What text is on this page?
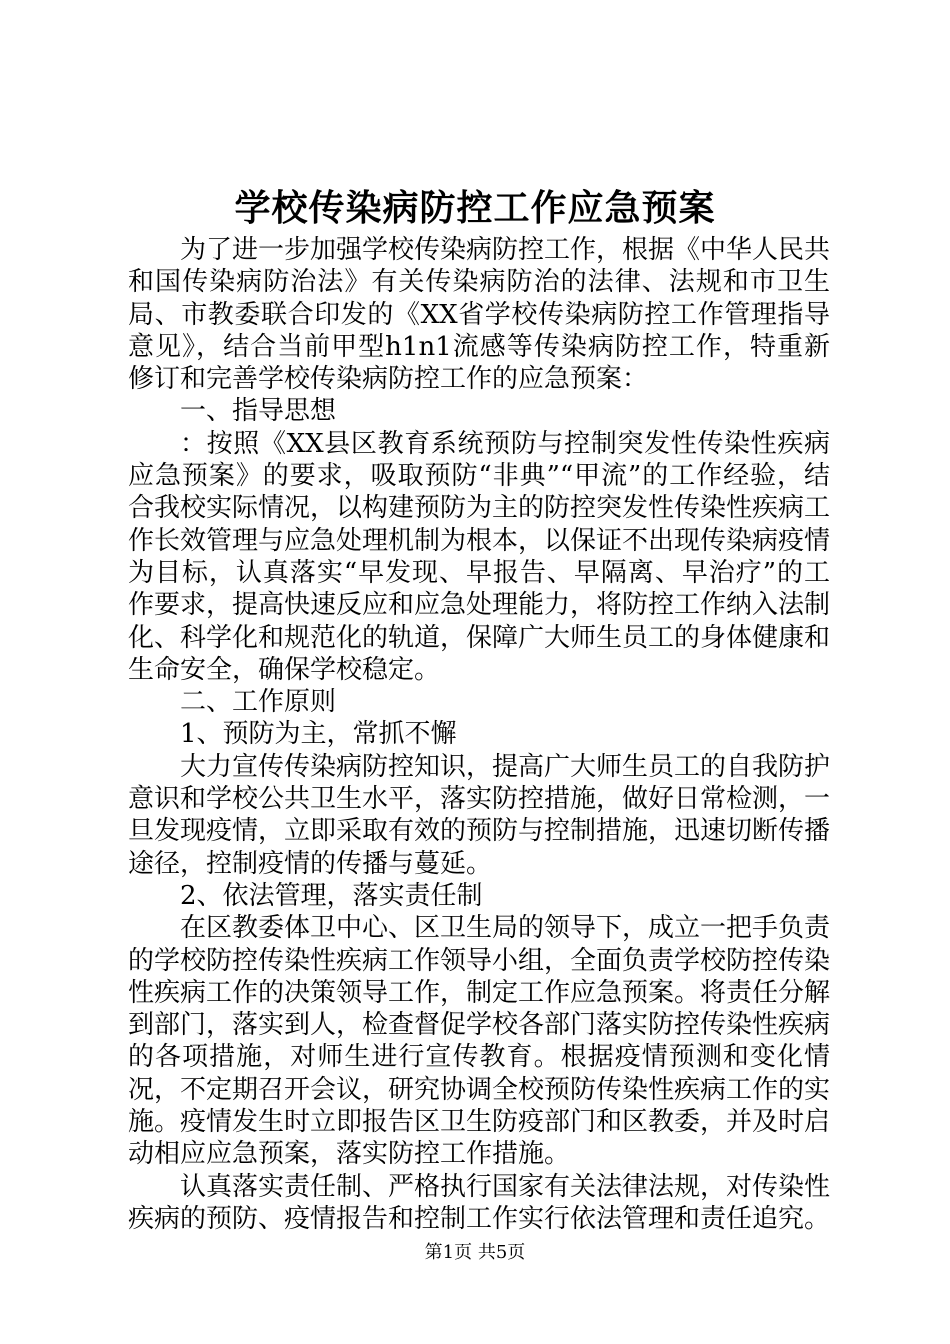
学校传染病防控工作应急预案

为了进一步加强学校传染病防控工作，根据《中华人民共和国传染病防治法》有关传染病防治的法律、法规和市卫生局、市教委联合印发的《XX省学校传染病防控工作管理指导意见》，结合当前甲型h1n1流感等传染病防控工作，特重新修订和完善学校传染病防控工作的应急预案：

一、指导思想

：按照《XX县区教育系统预防与控制突发性传染性疾病应急预案》的要求，吸取预防“非典”“甲流”的工作经验，结合我校实际情况，以构建预防为主的防控突发性传染性疾病工作长效管理与应急处理机制为根本，以保证不出现传染病疫情为目标，认真落实“早发现、早报告、早隔离、早治疗”的工作要求，提高快速反应和应急处理能力，将防控工作纳入法制化、科学化和规范化的轨道，保障广大师生员工的身体健康和生命安全，确保学校稳定。

二、工作原则

1、预防为主，常抓不懈

大力宣传传染病防控知识，提高广大师生员工的自我防护意识和学校公共卫生水平，落实防控措施，做好日常检测，一旦发现疫情，立即采取有效的预防与控制措施，迅速切断传播途径，控制疫情的传播与蔓延。

2、依法管理，落实责任制

在区教委体卫中心、区卫生局的领导下，成立一把手负责的学校防控传染性疾病工作领导小组，全面负责学校防控传染性疾病工作的决策领导工作，制定工作应急预案。将责任分解到部门，落实到人，检查督促学校各部门落实防控传染性疾病的各项措施，对师生进行宣传教育。根据疫情预测和变化情况，不定期召开会议，研究协调全校预防传染性疾病工作的实施。疫情发生时立即报告区卫生防疫部门和区教委，并及时启动相应应急预案，落实防控工作措施。

认真落实责任制、严格执行国家有关法律法规，对传染性疾病的预防、疫情报告和控制工作实行依法管理和责任追究。

第1页 共5页
